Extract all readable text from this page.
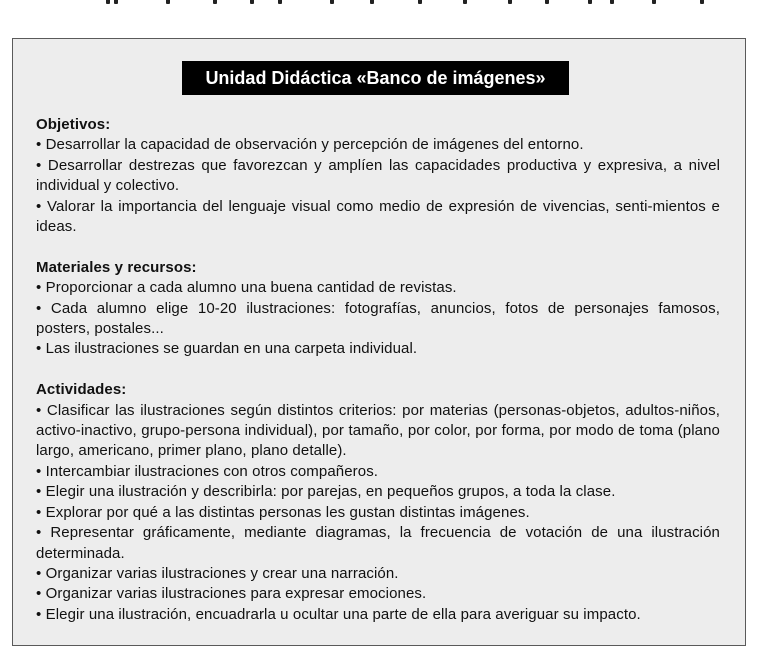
Unidad Didáctica «Banco de imágenes»
Objetivos:
• Desarrollar la capacidad de observación y percepción de imágenes del entorno.
• Desarrollar destrezas que favorezcan y amplíen las capacidades productiva y expresiva, a nivel individual y colectivo.
• Valorar la importancia del lenguaje visual como medio de expresión de vivencias, senti-mientos e ideas.
Materiales y recursos:
• Proporcionar a cada alumno una buena cantidad de revistas.
• Cada alumno elige 10-20 ilustraciones: fotografías, anuncios, fotos de personajes famosos, posters, postales...
• Las ilustraciones se guardan en una carpeta individual.
Actividades:
• Clasificar las ilustraciones según distintos criterios: por materias (personas-objetos, adultos-niños, activo-inactivo, grupo-persona individual), por tamaño, por color, por forma, por modo de toma (plano largo, americano, primer plano, plano detalle).
• Intercambiar ilustraciones con otros compañeros.
• Elegir una ilustración y describirla: por parejas, en pequeños grupos, a toda la clase.
• Explorar por qué a las distintas personas les gustan distintas imágenes.
• Representar gráficamente, mediante diagramas, la frecuencia de votación de una ilustración determinada.
• Organizar varias ilustraciones y crear una narración.
• Organizar varias ilustraciones para expresar emociones.
• Elegir una ilustración, encuadrarla u ocultar una parte de ella para averiguar su impacto.
